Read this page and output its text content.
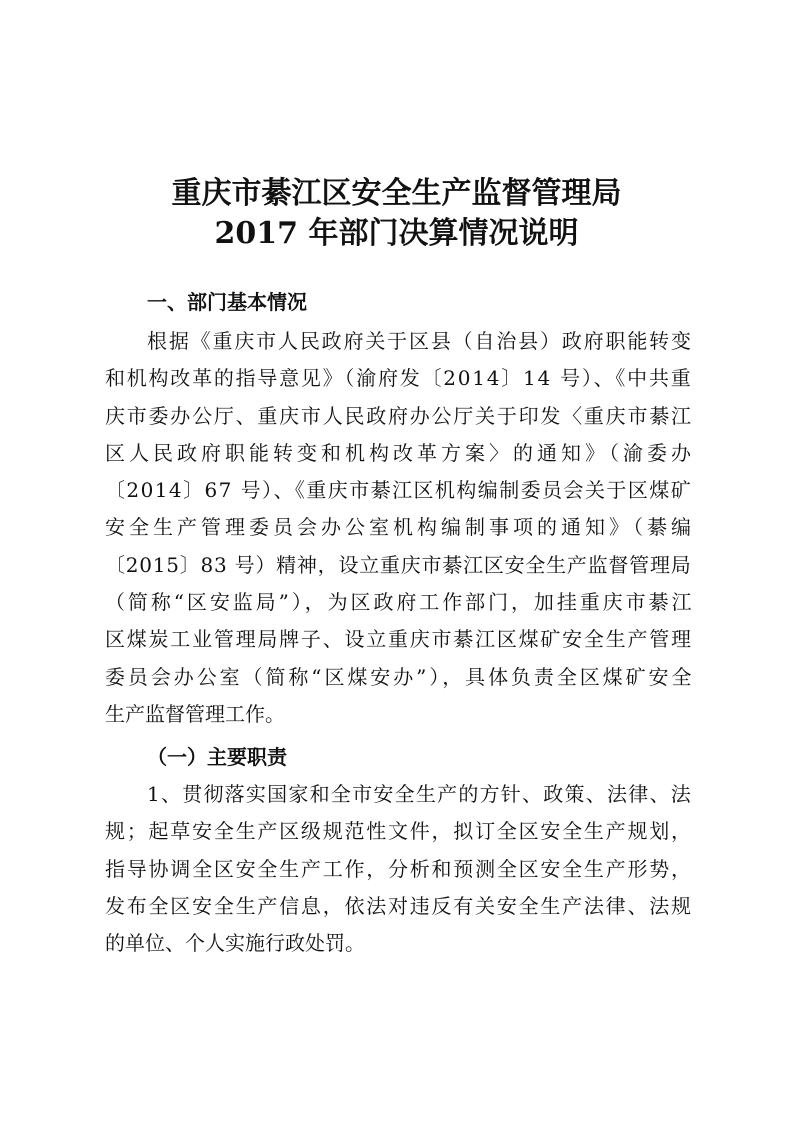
重庆市綦江区安全生产监督管理局
2017 年部门决算情况说明
一、部门基本情况
根据《重庆市人民政府关于区县（自治县）政府职能转变
和机构改革的指导意见》（渝府发〔2014〕14 号）、《中共重
庆市委办公厅、重庆市人民政府办公厅关于印发〈重庆市綦江
区人民政府职能转变和机构改革方案〉的通知》（渝委办
〔2014〕67 号）、《重庆市綦江区机构编制委员会关于区煤矿
安全生产管理委员会办公室机构编制事项的通知》（綦编
〔2015〕83 号）精神，设立重庆市綦江区安全生产监督管理局
（简称“区安监局”），为区政府工作部门，加挂重庆市綦江
区煤炭工业管理局牌子、设立重庆市綦江区煤矿安全生产管理
委员会办公室（简称“区煤安办”），具体负责全区煤矿安全
生产监督管理工作。
（一）主要职责
1、贯彻落实国家和全市安全生产的方针、政策、法律、法
规；起草安全生产区级规范性文件，拟订全区安全生产规划，
指导协调全区安全生产工作，分析和预测全区安全生产形势，
发布全区安全生产信息，依法对违反有关安全生产法律、法规
的单位、个人实施行政处罚。
